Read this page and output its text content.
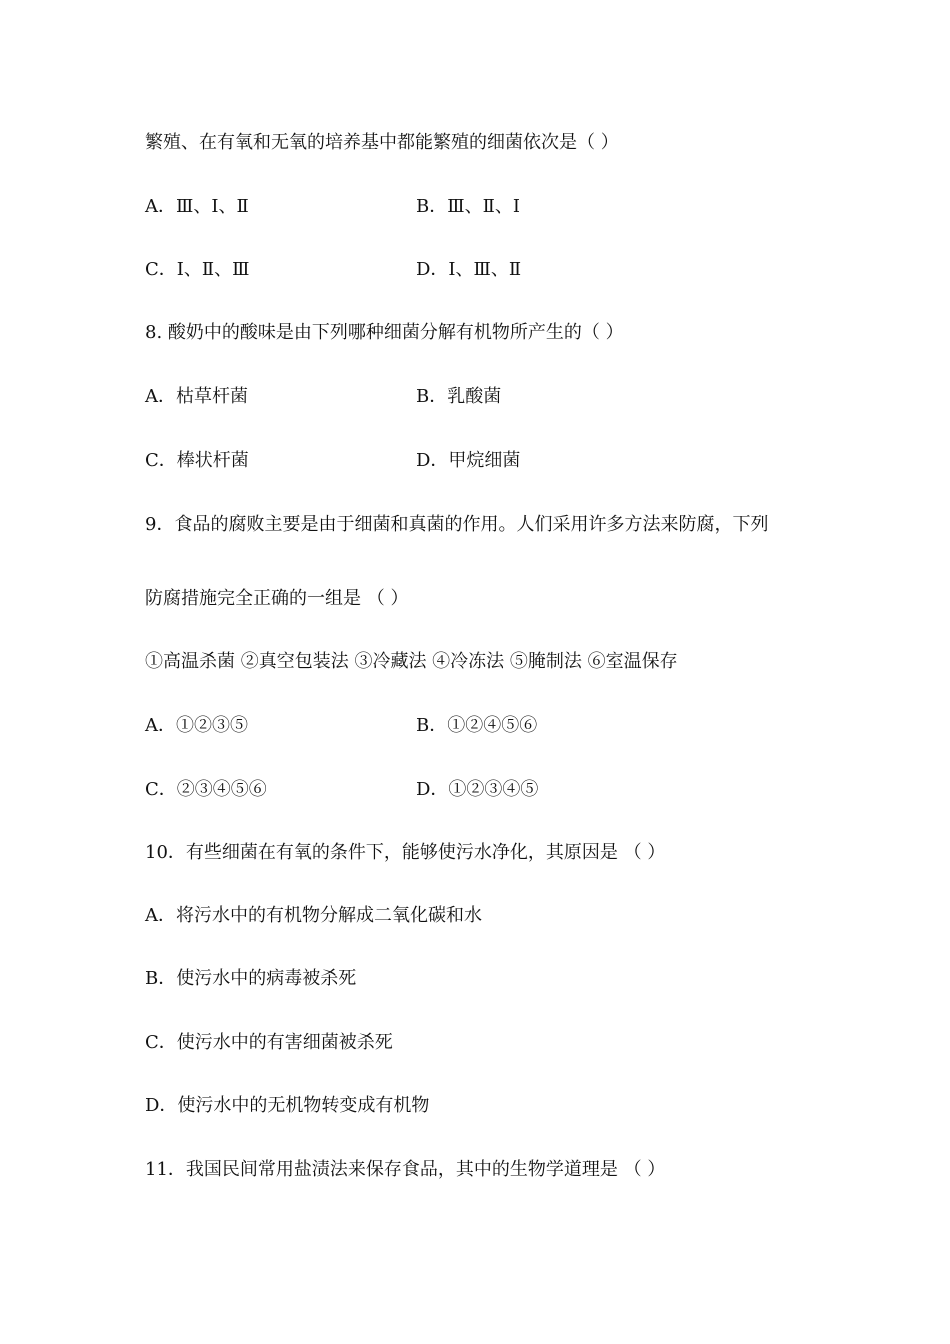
繁殖、在有氧和无氧的培养基中都能繁殖的细菌依次是（ ）
A．Ⅲ、Ⅰ、Ⅱ	B．Ⅲ、Ⅱ、Ⅰ
C．Ⅰ、Ⅱ、Ⅲ	D．Ⅰ、Ⅲ、Ⅱ
8. 酸奶中的酸味是由下列哪种细菌分解有机物所产生的（ ）
A．枯草杆菌	B．乳酸菌
C．棒状杆菌	D．甲烷细菌
9．食品的腐败主要是由于细菌和真菌的作用。人们采用许多方法来防腐，下列
防腐措施完全正确的一组是 （ ）
①高温杀菌 ②真空包装法 ③冷藏法 ④冷冻法 ⑤腌制法 ⑥室温保存
A．①②③⑤	B．①②④⑤⑥
C．②③④⑤⑥	D．①②③④⑤
10．有些细菌在有氧的条件下，能够使污水净化，其原因是 （ ）
A．将污水中的有机物分解成二氧化碳和水
B．使污水中的病毒被杀死
C．使污水中的有害细菌被杀死
D．使污水中的无机物转变成有机物
11．我国民间常用盐渍法来保存食品，其中的生物学道理是 （ ）
